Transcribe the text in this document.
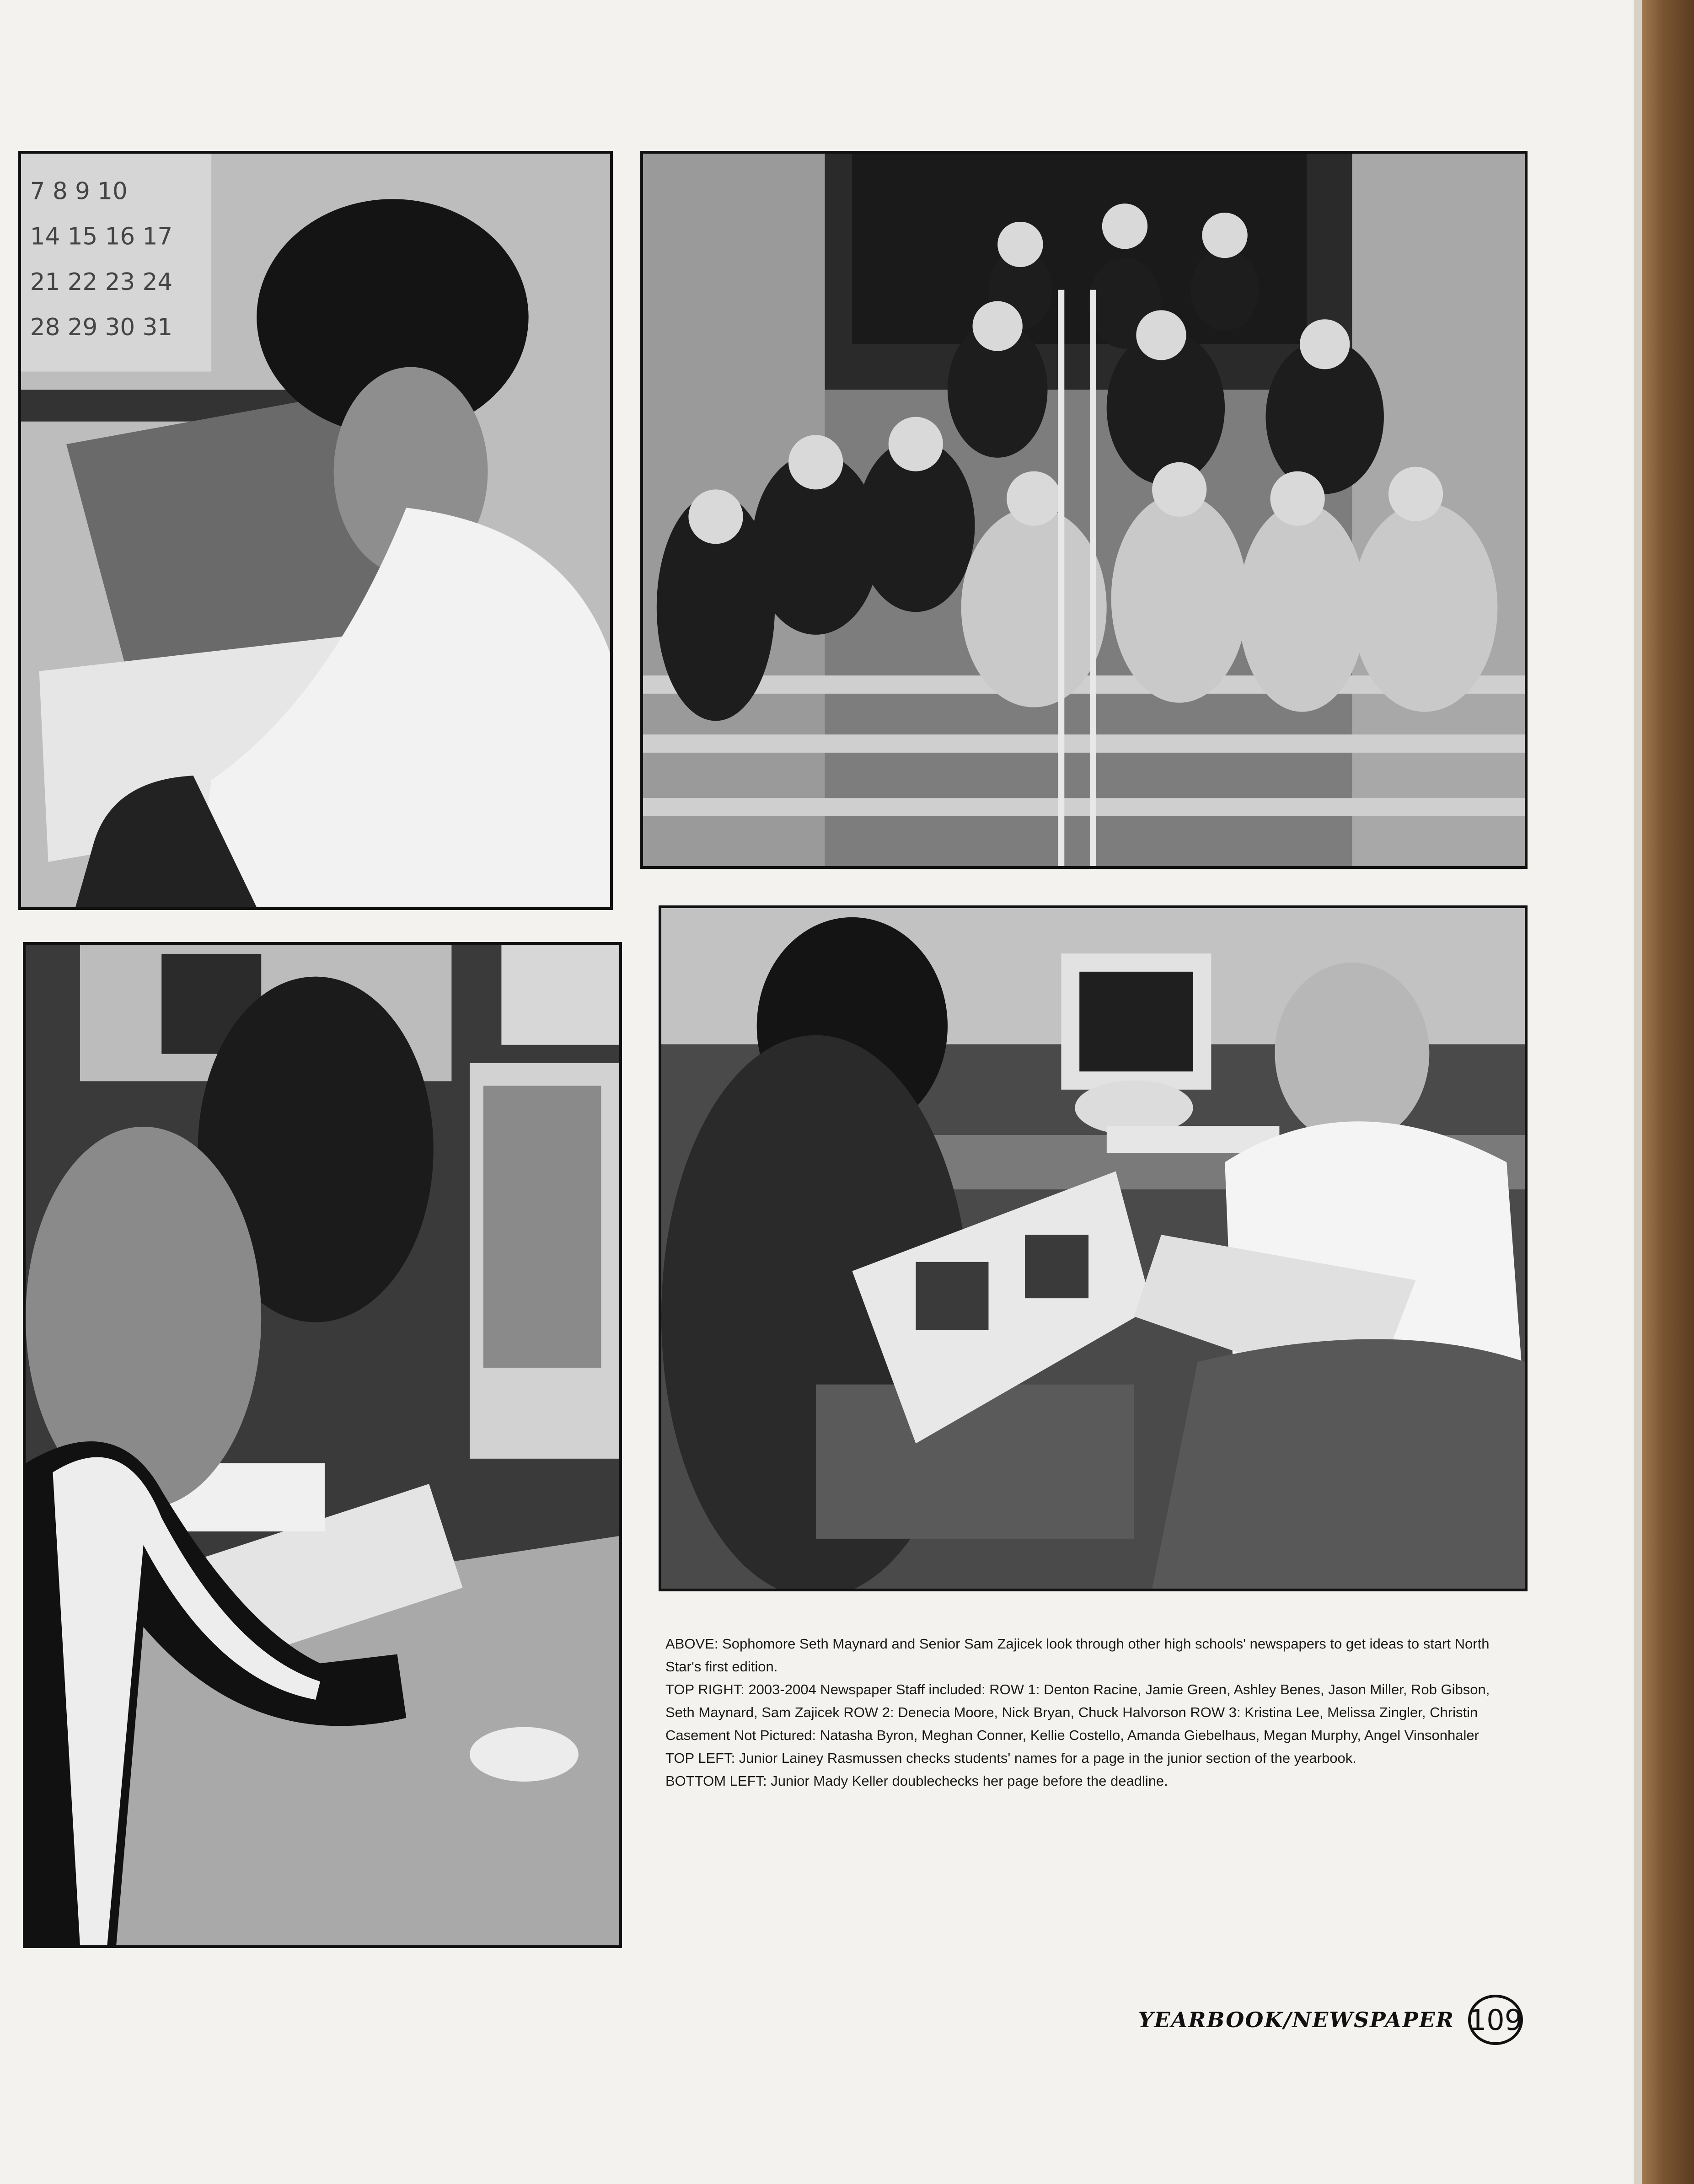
7 8 9 10
14 15 16 17
21 22 23 24
28 29 30 31

ABOVE: Sophomore Seth Maynard and Senior Sam Zajicek look through other high schools' newspapers to get ideas to start North Star's first edition.

TOP RIGHT: 2003-2004 Newspaper Staff included: ROW 1: Denton Racine, Jamie Green, Ashley Benes, Jason Miller, Rob Gibson, Seth Maynard, Sam Zajicek ROW 2: Denecia Moore, Nick Bryan, Chuck Halvorson ROW 3: Kristina Lee, Melissa Zingler, Christin Casement Not Pictured: Natasha Byron, Meghan Conner, Kellie Costello, Amanda Giebelhaus, Megan Murphy, Angel Vinsonhaler

TOP LEFT: Junior Lainey Rasmussen checks students' names for a page in the junior section of the yearbook.

BOTTOM LEFT: Junior Mady Keller doublechecks her page before the deadline.

YEARBOOK/NEWSPAPER 109
